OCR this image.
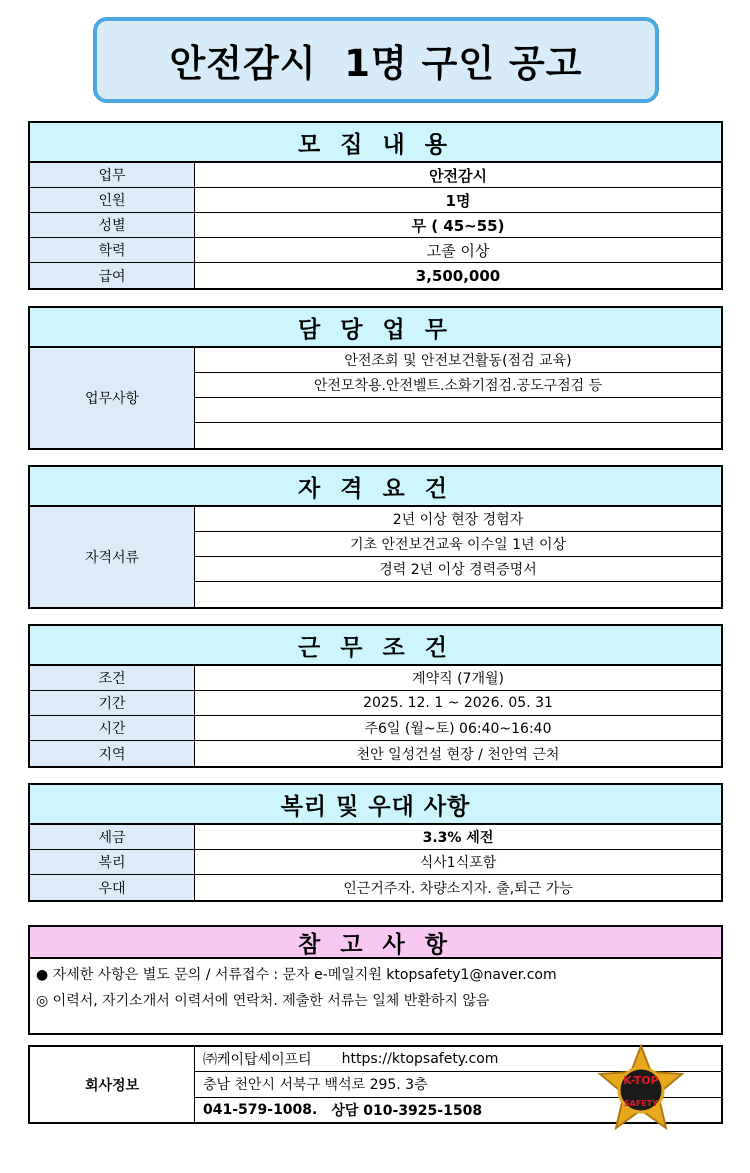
안전감시  1명 구인 공고
모 집 내 용
업무	안전감시
인원	1명
성별	무 ( 45~55)
학력	고졸 이상
급여	3,500,000
담 당 업 무
업무사항
안전조회 및 안전보건활동(점검 교육)
안전모착용.안전벨트.소화기점검.공도구점검 등
자 격 요 건
자격서류
2년 이상 현장 경험자
기초 안전보건교육 이수일 1년 이상
경력 2년 이상 경력증명서
근 무 조 건
조건	계약직 (7개월)
기간	2025. 12. 1 ~ 2026. 05. 31
시간	주6일 (월~토) 06:40~16:40
지역	천안 일성건설 현장 / 천안역 근처
복리 및 우대 사항
세금	3.3% 세전
복리	식사1식포함
우대	인근거주자. 차량소지자. 출,퇴근 가능
참 고 사 항
● 자세한 사항은 별도 문의 / 서류접수 : 문자 e-메일지원 ktopsafety1@naver.com
◎ 이력서, 자기소개서 이력서에 연락처. 제출한 서류는 일체 반환하지 않음
회사정보
㈜케이탑세이프티 https://ktopsafety.com
충남 천안시 서북구 백석로 295. 3층
041-579-1008. 상담 010-3925-1508
K-TOP
SAFETY
